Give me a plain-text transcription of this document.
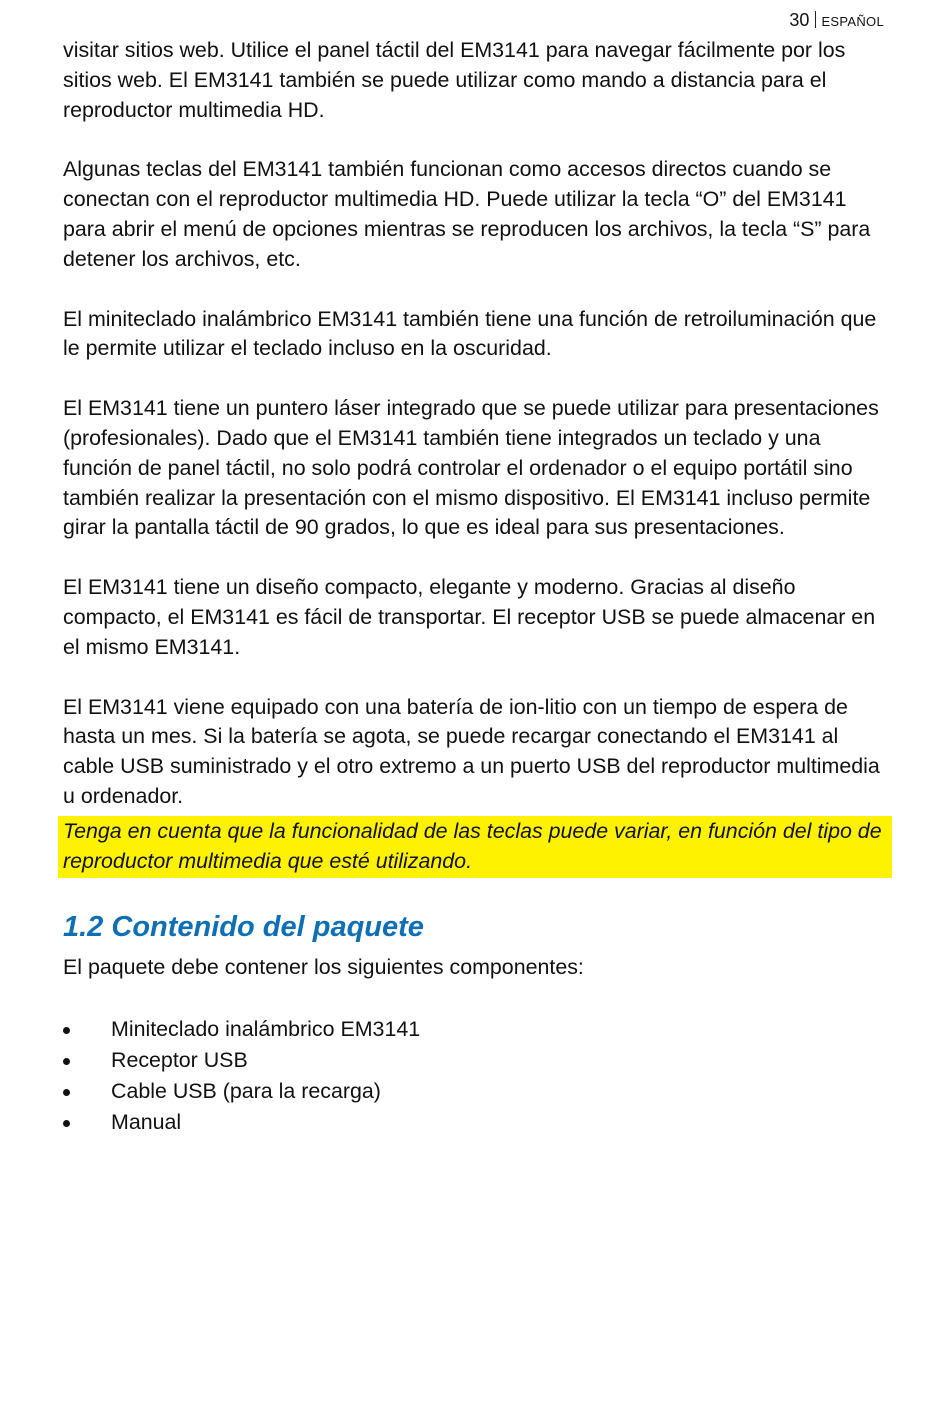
30 ESPAÑOL

visitar sitios web. Utilice el panel táctil del EM3141 para navegar fácilmente por los sitios web. El EM3141 también se puede utilizar como mando a distancia para el reproductor multimedia HD.

Algunas teclas del EM3141 también funcionan como accesos directos cuando se conectan con el reproductor multimedia HD. Puede utilizar la tecla “O” del EM3141 para abrir el menú de opciones mientras se reproducen los archivos, la tecla “S” para detener los archivos, etc.

El miniteclado inalámbrico EM3141 también tiene una función de retroiluminación que le permite utilizar el teclado incluso en la oscuridad.

El EM3141 tiene un puntero láser integrado que se puede utilizar para presentaciones (profesionales). Dado que el EM3141 también tiene integrados un teclado y una función de panel táctil, no solo podrá controlar el ordenador o el equipo portátil sino también realizar la presentación con el mismo dispositivo. El EM3141 incluso permite girar la pantalla táctil de 90 grados, lo que es ideal para sus presentaciones.

El EM3141 tiene un diseño compacto, elegante y moderno. Gracias al diseño compacto, el EM3141 es fácil de transportar. El receptor USB se puede almacenar en el mismo EM3141.

El EM3141 viene equipado con una batería de ion-litio con un tiempo de espera de hasta un mes. Si la batería se agota, se puede recargar conectando el EM3141 al cable USB suministrado y el otro extremo a un puerto USB del reproductor multimedia u ordenador.

Tenga en cuenta que la funcionalidad de las teclas puede variar, en función del tipo de reproductor multimedia que esté utilizando.

1.2 Contenido del paquete

El paquete debe contener los siguientes componentes:

Miniteclado inalámbrico EM3141
Receptor USB
Cable USB (para la recarga)
Manual
